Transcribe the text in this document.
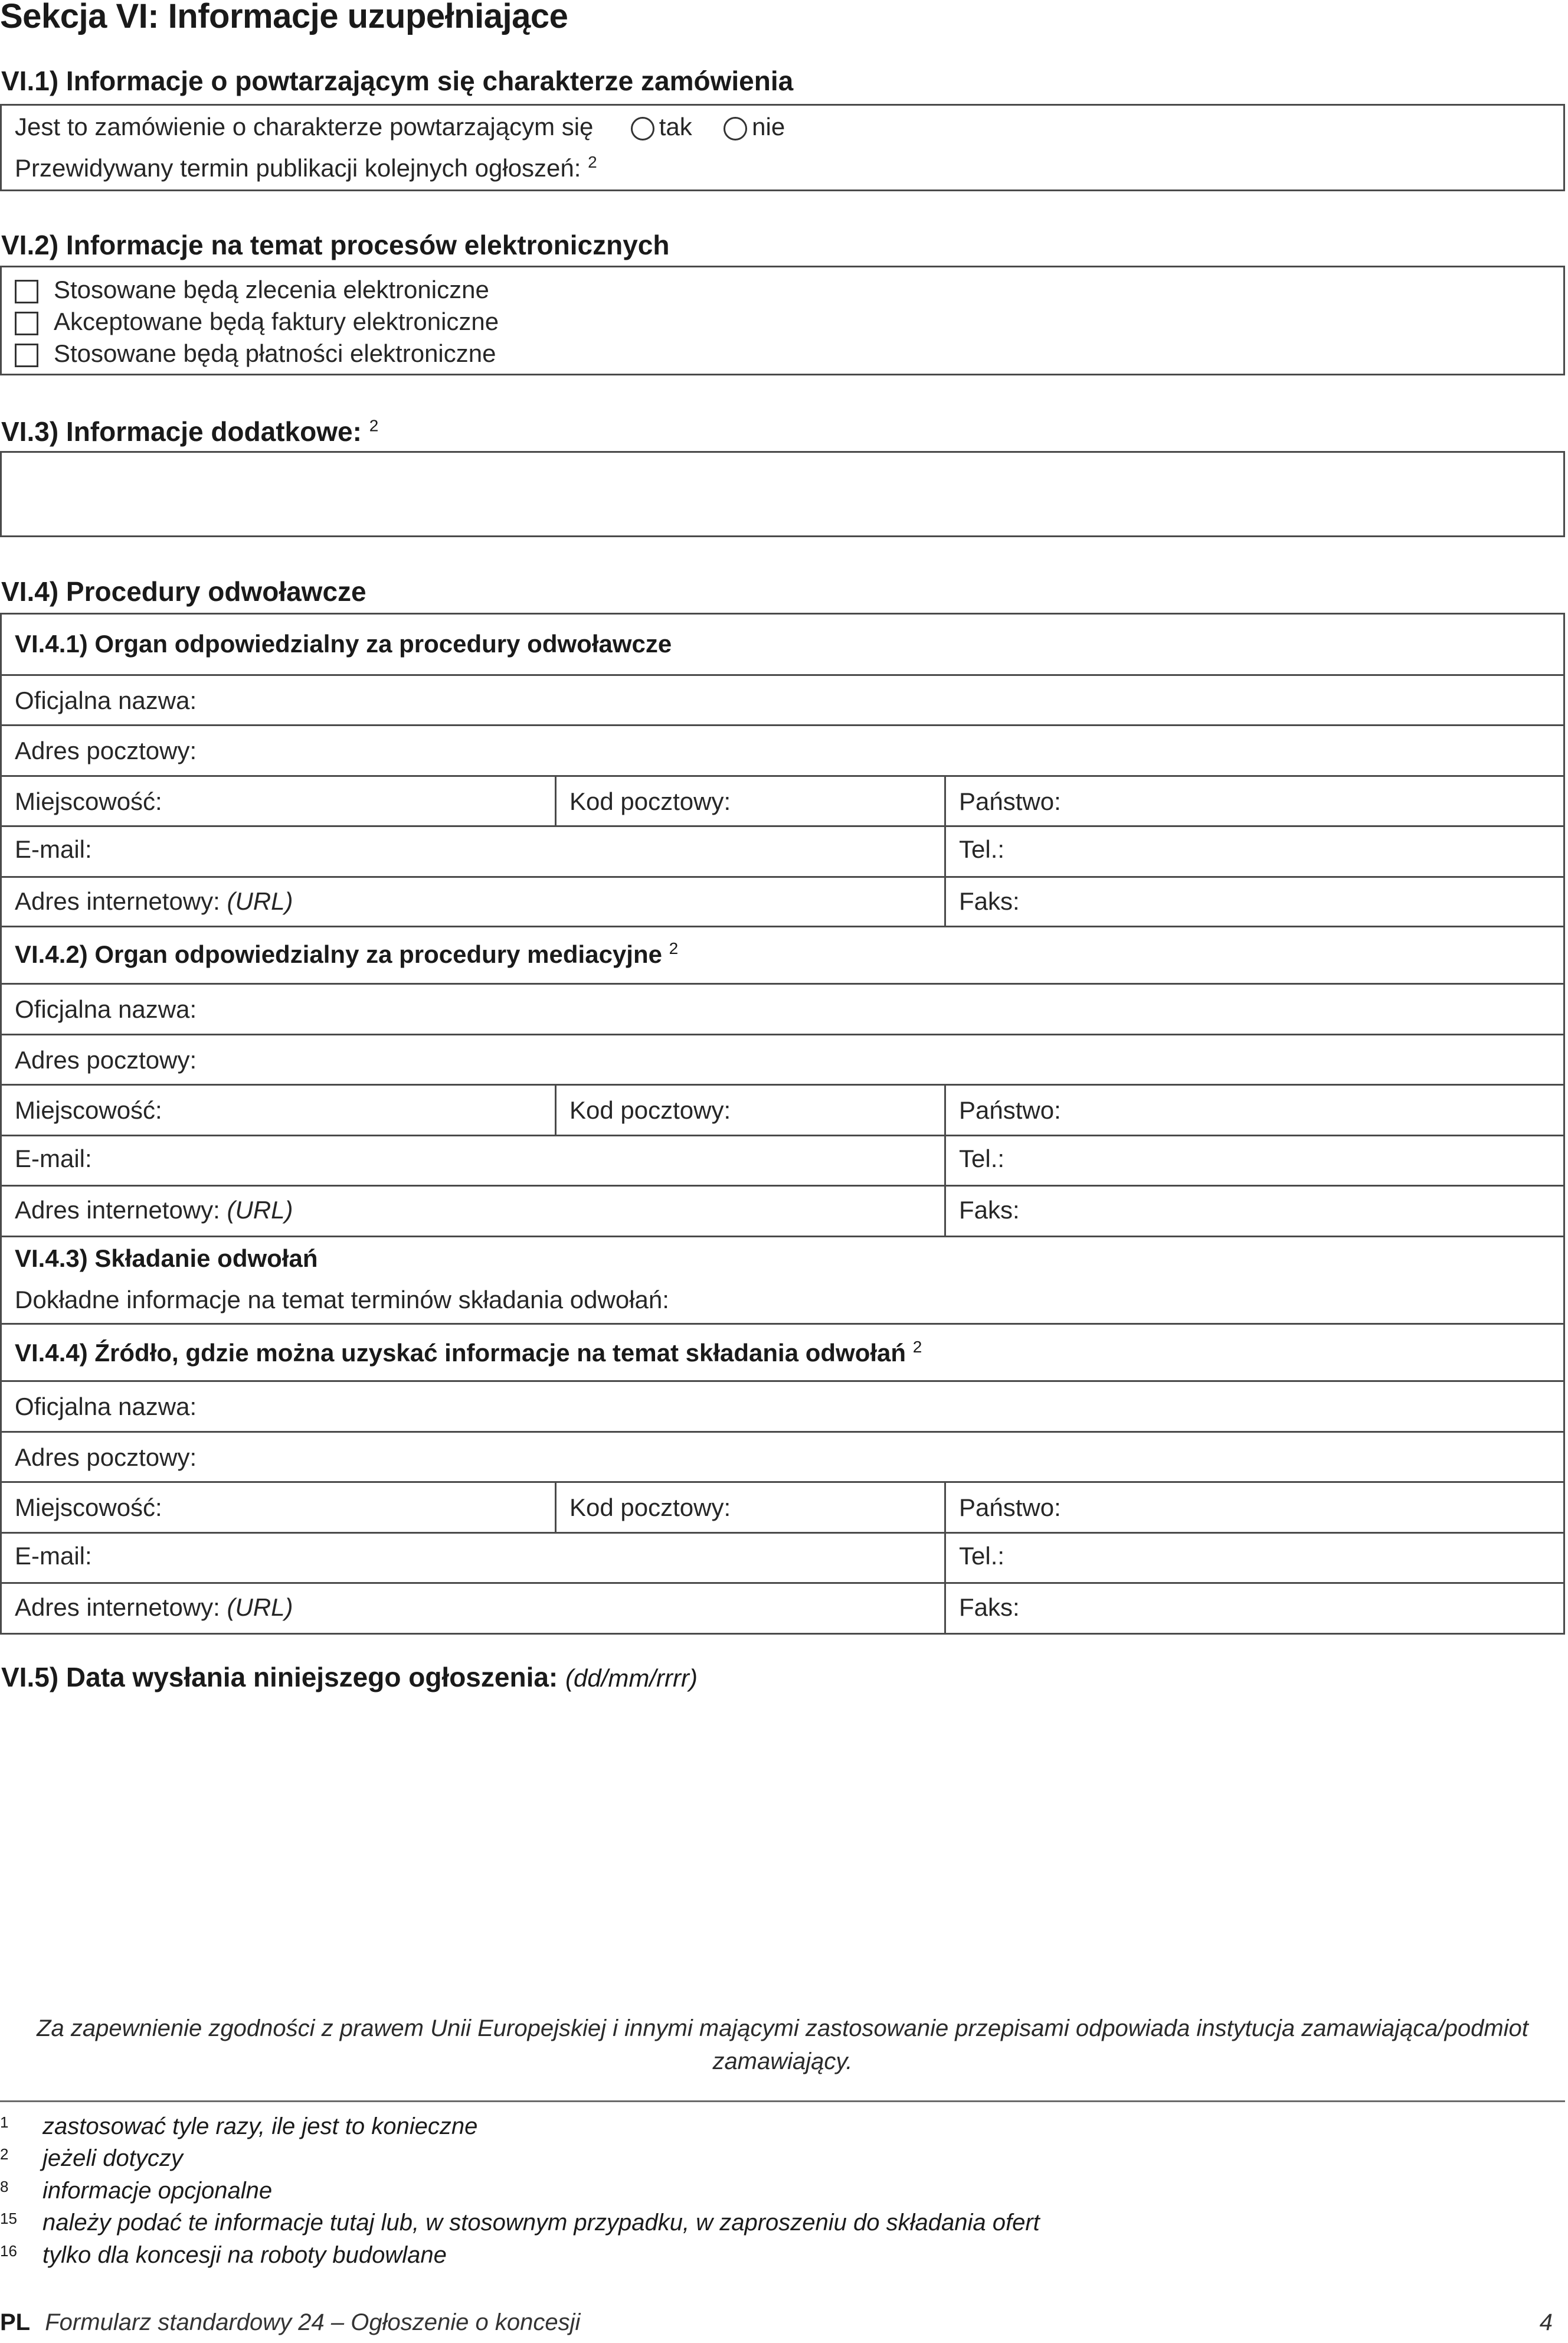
Sekcja VI: Informacje uzupełniające
VI.1) Informacje o powtarzającym się charakterze zamówienia
Jest to zamówienie o charakterze powtarzającym się	tak nie
Przewidywany termin publikacji kolejnych ogłoszeń: $^2$
VI.2) Informacje na temat procesów elektronicznych
Stosowane będą zlecenia elektroniczne
Akceptowane będą faktury elektroniczne
Stosowane będą płatności elektroniczne
VI.3) Informacje dodatkowe: $^2$
VI.4) Procedury odwoławcze
VI.4.1) Organ odpowiedzialny za procedury odwoławcze
Oficjalna nazwa:
Adres pocztowy:
Miejscowość:	Kod pocztowy:	Państwo:
E-mail:	Tel.:
Adres internetowy: (URL)	Faks:
VI.4.2) Organ odpowiedzialny za procedury mediacyjne $^2$
Oficjalna nazwa:
Adres pocztowy:
Miejscowość:	Kod pocztowy:	Państwo:
E-mail:	Tel.:
Adres internetowy: (URL)	Faks:
VI.4.3) Składanie odwołań
Dokładne informacje na temat terminów składania odwołań:
VI.4.4) Źródło, gdzie można uzyskać informacje na temat składania odwołań $^2$
Oficjalna nazwa:
Adres pocztowy:
Miejscowość:	Kod pocztowy:	Państwo:
E-mail:	Tel.:
Adres internetowy: (URL)	Faks:
VI.5) Data wysłania niniejszego ogłoszenia: (dd/mm/rrrr)
Za zapewnienie zgodności z prawem Unii Europejskiej i innymi mającymi zastosowanie przepisami odpowiada instytucja zamawiająca/podmiot
zamawiający.
1 zastosować tyle razy, ile jest to konieczne
2 jeżeli dotyczy
8 informacje opcjonalne
15 należy podać te informacje tutaj lub, w stosownym przypadku, w zaproszeniu do składania ofert
16 tylko dla koncesji na roboty budowlane
PL Formularz standardowy 24 – Ogłoszenie o koncesji	4
